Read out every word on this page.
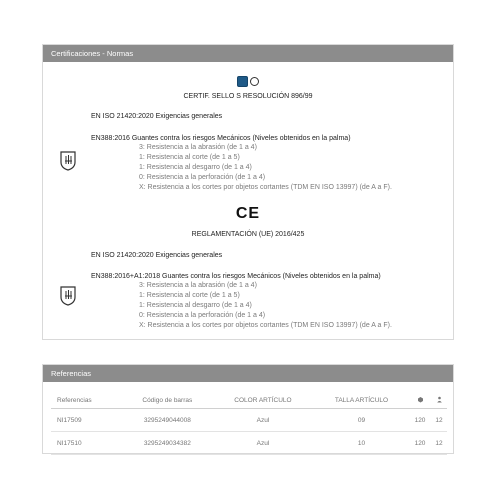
Certificaciones - Normas
CERTIF. SELLO S RESOLUCIÓN 896/99
EN ISO 21420:2020 Exigencias generales
EN388:2016 Guantes contra los riesgos Mecánicos (Niveles obtenidos en la palma)
3: Resistencia a la abrasión (de 1 a 4)
1: Resistencia al corte (de 1 a 5)
1: Resistencia al desgarro (de 1 a 4)
0: Resistencia a la perforación (de 1 a 4)
X: Resistencia a los cortes por objetos cortantes (TDM EN ISO 13997) (de A a F).
CE
REGLAMENTACIÓN (UE) 2016/425
EN ISO 21420:2020 Exigencias generales
EN388:2016+A1:2018 Guantes contra los riesgos Mecánicos (Niveles obtenidos en la palma)
3: Resistencia a la abrasión (de 1 a 4)
1: Resistencia al corte (de 1 a 5)
1: Resistencia al desgarro (de 1 a 4)
0: Resistencia a la perforación (de 1 a 4)
X: Resistencia a los cortes por objetos cortantes (TDM EN ISO 13997) (de A a F).
Referencias
Referencias	Código de barras	COLOR ARTÍCULO	TALLA ARTÍCULO		
NI17509	3295249044008	Azul	09	120	12
NI17510	3295249034382	Azul	10	120	12
